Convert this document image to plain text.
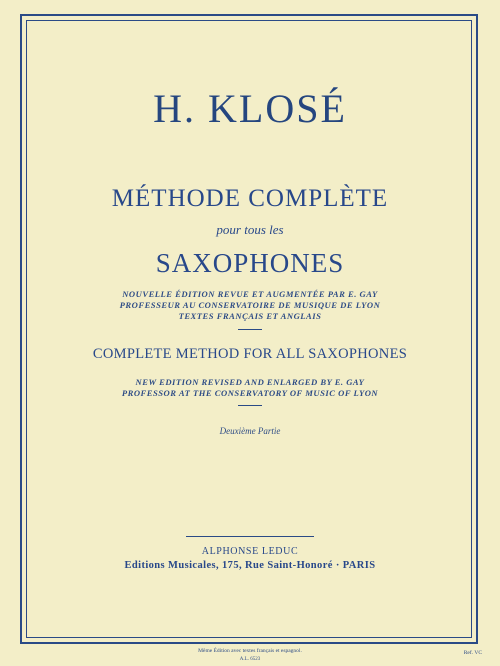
H. KLOSÉ
MÉTHODE COMPLÈTE
pour tous les
SAXOPHONES
NOUVELLE ÉDITION REVUE ET AUGMENTÉE PAR E. GAY
PROFESSEUR AU CONSERVATOIRE DE MUSIQUE DE LYON
TEXTES FRANÇAIS ET ANGLAIS
COMPLETE METHOD FOR ALL SAXOPHONES
NEW EDITION REVISED AND ENLARGED BY E. GAY
PROFESSOR AT THE CONSERVATORY OF MUSIC OF LYON
Deuxième Partie
ALPHONSE LEDUC
Editions Musicales, 175, Rue Saint-Honoré · PARIS
Même Édition avec textes français et espagnol.
A.L. 6523
Ref. VC
